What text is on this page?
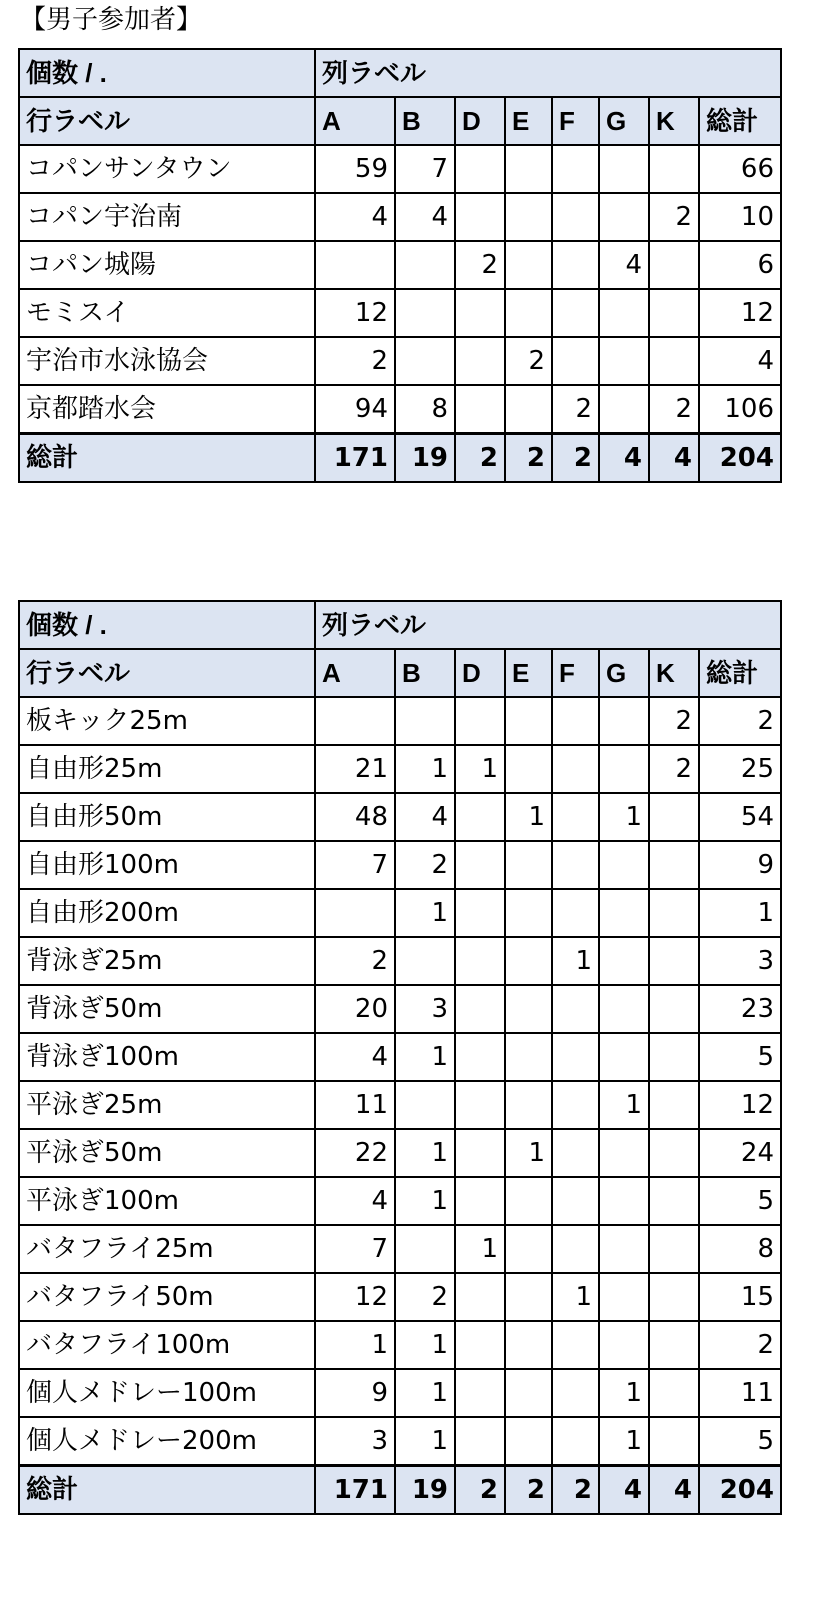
【男子参加者】
個数 / .	列ラベル							
行ラベル	A	B	D	E	F	G	K	総計
コパンサンタウン	59	7						66
コパン宇治南	4	4					2	10
コパン城陽			2			4		6
モミスイ	12							12
宇治市水泳協会	2			2				4
京都踏水会	94	8			2		2	106
総計	171	19	2	2	2	4	4	204
個数 / .	列ラベル							
行ラベル	A	B	D	E	F	G	K	総計
板キック25m							2	2
自由形25m	21	1	1				2	25
自由形50m	48	4		1		1		54
自由形100m	7	2						9
自由形200m		1						1
背泳ぎ25m	2				1			3
背泳ぎ50m	20	3						23
背泳ぎ100m	4	1						5
平泳ぎ25m	11					1		12
平泳ぎ50m	22	1		1				24
平泳ぎ100m	4	1						5
バタフライ25m	7		1					8
バタフライ50m	12	2			1			15
バタフライ100m	1	1						2
個人メドレー100m	9	1				1		11
個人メドレー200m	3	1				1		5
総計	171	19	2	2	2	4	4	204
